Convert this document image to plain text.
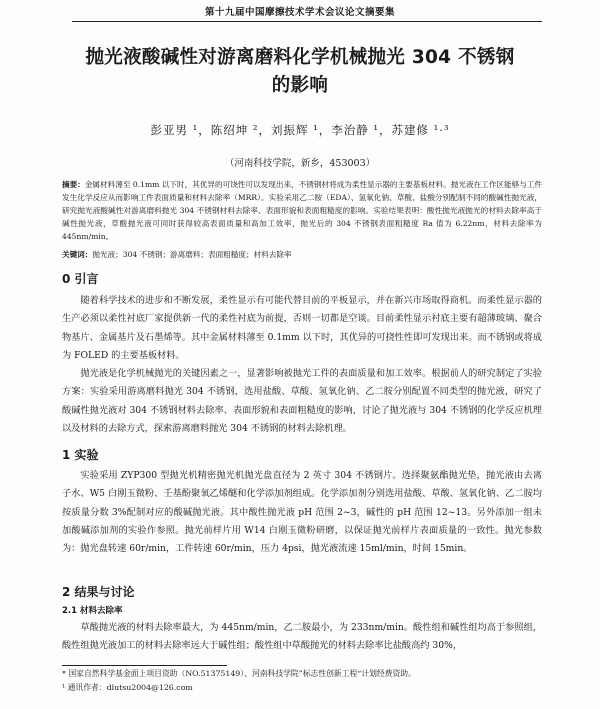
第十九届中国摩擦技术学术会议论文摘要集
抛光液酸碱性对游离磨料化学机械抛光 304 不锈钢
的影响
彭亚男 ¹，陈绍坤 ²，刘振辉 ¹，李治静 ¹，苏建修 ¹·³
（河南科技学院，新乡，453003）
摘要：金属材料薄至 0.1mm 以下时，其优异的可饶性可以发现出来，不锈钢材将成为柔性显示器的主要基板材料。抛光液在工作区能够与工件发生化学反应从而影响工件表面质量和材料去除率（MRR）。实验采用乙二胺（EDA）、氢氧化钠、草酸、盐酸分别配制不同的酸碱性抛光液，研究抛光液酸碱性对游离磨料抛光 304 不锈钢材料去除率、表面形貌和表面粗糙度的影响。实验结果表明：酸性抛光液抛光的材料去除率高于碱性抛光液，草酸抛光液可同时获得较高表面质量和高加工效率，抛光后的 304 不锈钢表面粗糙度 Ra 值为 6.22nm，材料去除率为 445nm/min。
关键词：抛光液；304 不锈钢；游离磨料；表面粗糙度；材料去除率
0 引言
随着科学技术的进步和不断发展，柔性显示有可能代替目前的平板显示，并在新兴市场取得商机。而柔性显示器的生产必须以柔性衬底厂家提供新一代的柔性衬底为前提，否则一切都是空谈。目前柔性显示衬底主要有超薄玻璃、聚合物基片、金属基片及石墨烯等。其中金属材料薄至 0.1mm 以下时，其优异的可挠性性即可发现出来。而不锈钢或将成为 FOLED 的主要基板材料。
抛光液是化学机械抛光的关键因素之一，显著影响被抛光工件的表面质量和加工效率。根据前人的研究制定了实验方案：实验采用游离磨料抛光 304 不锈钢，选用盐酸、草酸、氢氧化钠、乙二胺分别配置不同类型的抛光液，研究了酸碱性抛光液对 304 不锈钢材料去除率、表面形貌和表面粗糙度的影响，讨论了抛光液与 304 不锈钢的化学反应机理以及材料的去除方式，探索游离磨料抛光 304 不锈钢的材料去除机理。
1 实验
实验采用 ZYP300 型抛光机精密抛光机抛光盘直径为 2 英寸 304 不锈钢片。选择聚氨酯抛光垫，抛光液由去离子水、W5 白刚玉微粉、壬基酚聚氧乙烯醚和化学添加剂组成。化学添加剂分别选用盐酸、草酸、氢氧化钠、乙二胺均按质量分数 3%配制对应的酸碱抛光液。其中酸性抛光液 pH 范围 2~3，碱性的 pH 范围 12~13。另外添加一组未加酸碱添加剂的实验作参照。抛光前样片用 W14 白刚玉微粉研磨，以保证抛光前样片表面质量的一致性。抛光参数为：抛光盘转速 60r/min，工件转速 60r/min，压力 4psi，抛光液流速 15ml/min，时间 15min。
2 结果与讨论
2.1 材料去除率
草酸抛光液的材料去除率最大，为 445nm/min，乙二胺最小，为 233nm/min。酸性组和碱性组均高于参照组，酸性组抛光液加工的材料去除率远大于碱性组；酸性组中草酸抛光的材料去除率比盐酸高约 30%，
* 国家自然科学基金面上项目资助（NO.51375149）、河南科技学院”标志性创新工程“计划经费资助。
¹ 通讯作者：dlutsu2004@126.com
